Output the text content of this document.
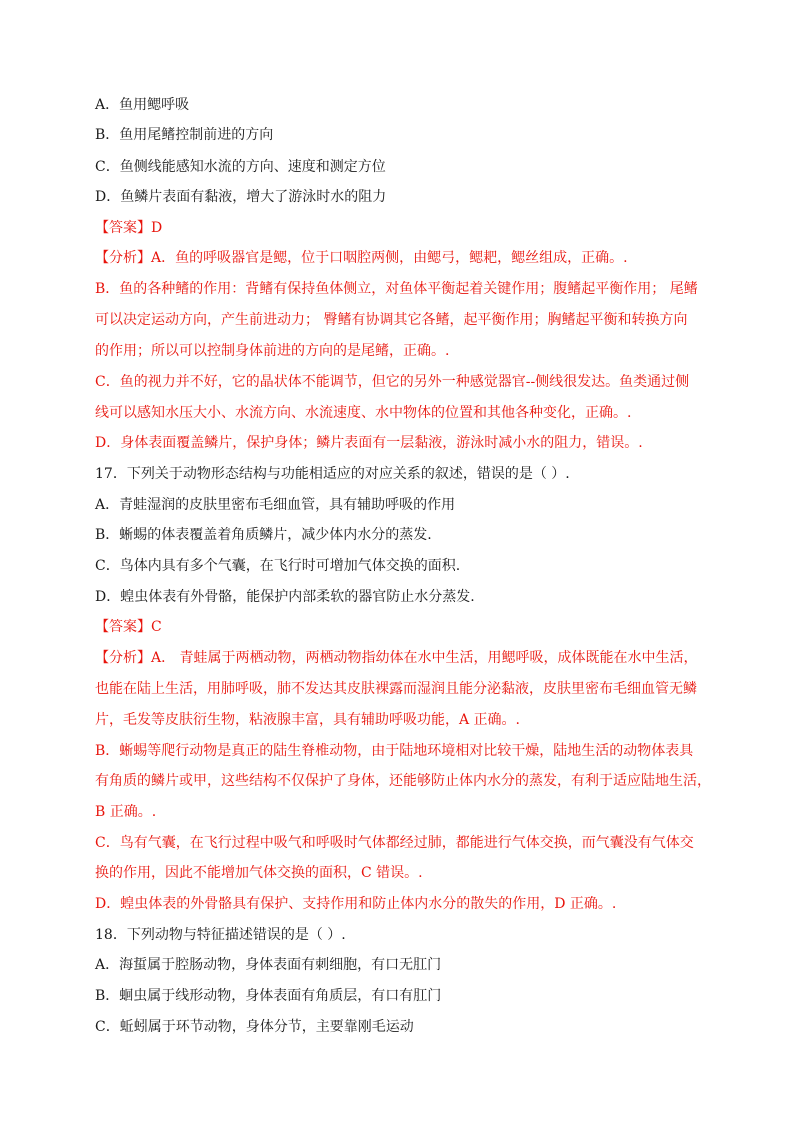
A．鱼用鳃呼吸
B．鱼用尾鳍控制前进的方向
C．鱼侧线能感知水流的方向、速度和测定方位
D．鱼鳞片表面有黏液，增大了游泳时水的阻力
【答案】D
【分析】A．鱼的呼吸器官是鳃，位于口咽腔两侧，由鳃弓，鳃耙，鳃丝组成，正确。.
B．鱼的各种鳍的作用：背鳍有保持鱼体侧立，对鱼体平衡起着关键作用；腹鳍起平衡作用； 尾鳍
可以决定运动方向，产生前进动力； 臀鳍有协调其它各鳍，起平衡作用；胸鳍起平衡和转换方向
的作用；所以可以控制身体前进的方向的是尾鳍，正确。.
C．鱼的视力并不好，它的晶状体不能调节，但它的另外一种感觉器官--侧线很发达。鱼类通过侧
线可以感知水压大小、水流方向、水流速度、水中物体的位置和其他各种变化，正确。.
D．身体表面覆盖鳞片，保护身体；鳞片表面有一层黏液，游泳时减小水的阻力，错误。.
17．下列关于动物形态结构与功能相适应的对应关系的叙述，错误的是（ ）.
A．青蛙湿润的皮肤里密布毛细血管，具有辅助呼吸的作用
B．蜥蜴的体表覆盖着角质鳞片，减少体内水分的蒸发.
C．鸟体内具有多个气囊，在飞行时可增加气体交换的面积.
D．蝗虫体表有外骨骼，能保护内部柔软的器官防止水分蒸发.
【答案】C
【分析】A． 青蛙属于两栖动物，两栖动物指幼体在水中生活，用鳃呼吸，成体既能在水中生活，
也能在陆上生活，用肺呼吸，肺不发达其皮肤裸露而湿润且能分泌黏液，皮肤里密布毛细血管无鳞
片，毛发等皮肤衍生物，粘液腺丰富，具有辅助呼吸功能，A 正确。.
B．蜥蜴等爬行动物是真正的陆生脊椎动物，由于陆地环境相对比较干燥，陆地生活的动物体表具
有角质的鳞片或甲，这些结构不仅保护了身体，还能够防止体内水分的蒸发，有利于适应陆地生活，
B 正确。.
C．鸟有气囊，在飞行过程中吸气和呼吸时气体都经过肺，都能进行气体交换，而气囊没有气体交
换的作用，因此不能增加气体交换的面积，C 错误。.
D．蝗虫体表的外骨骼具有保护、支持作用和防止体内水分的散失的作用，D 正确。.
18．下列动物与特征描述错误的是（ ）.
A．海蜇属于腔肠动物，身体表面有刺细胞，有口无肛门
B．蛔虫属于线形动物，身体表面有角质层，有口有肛门
C．蚯蚓属于环节动物，身体分节，主要靠刚毛运动
